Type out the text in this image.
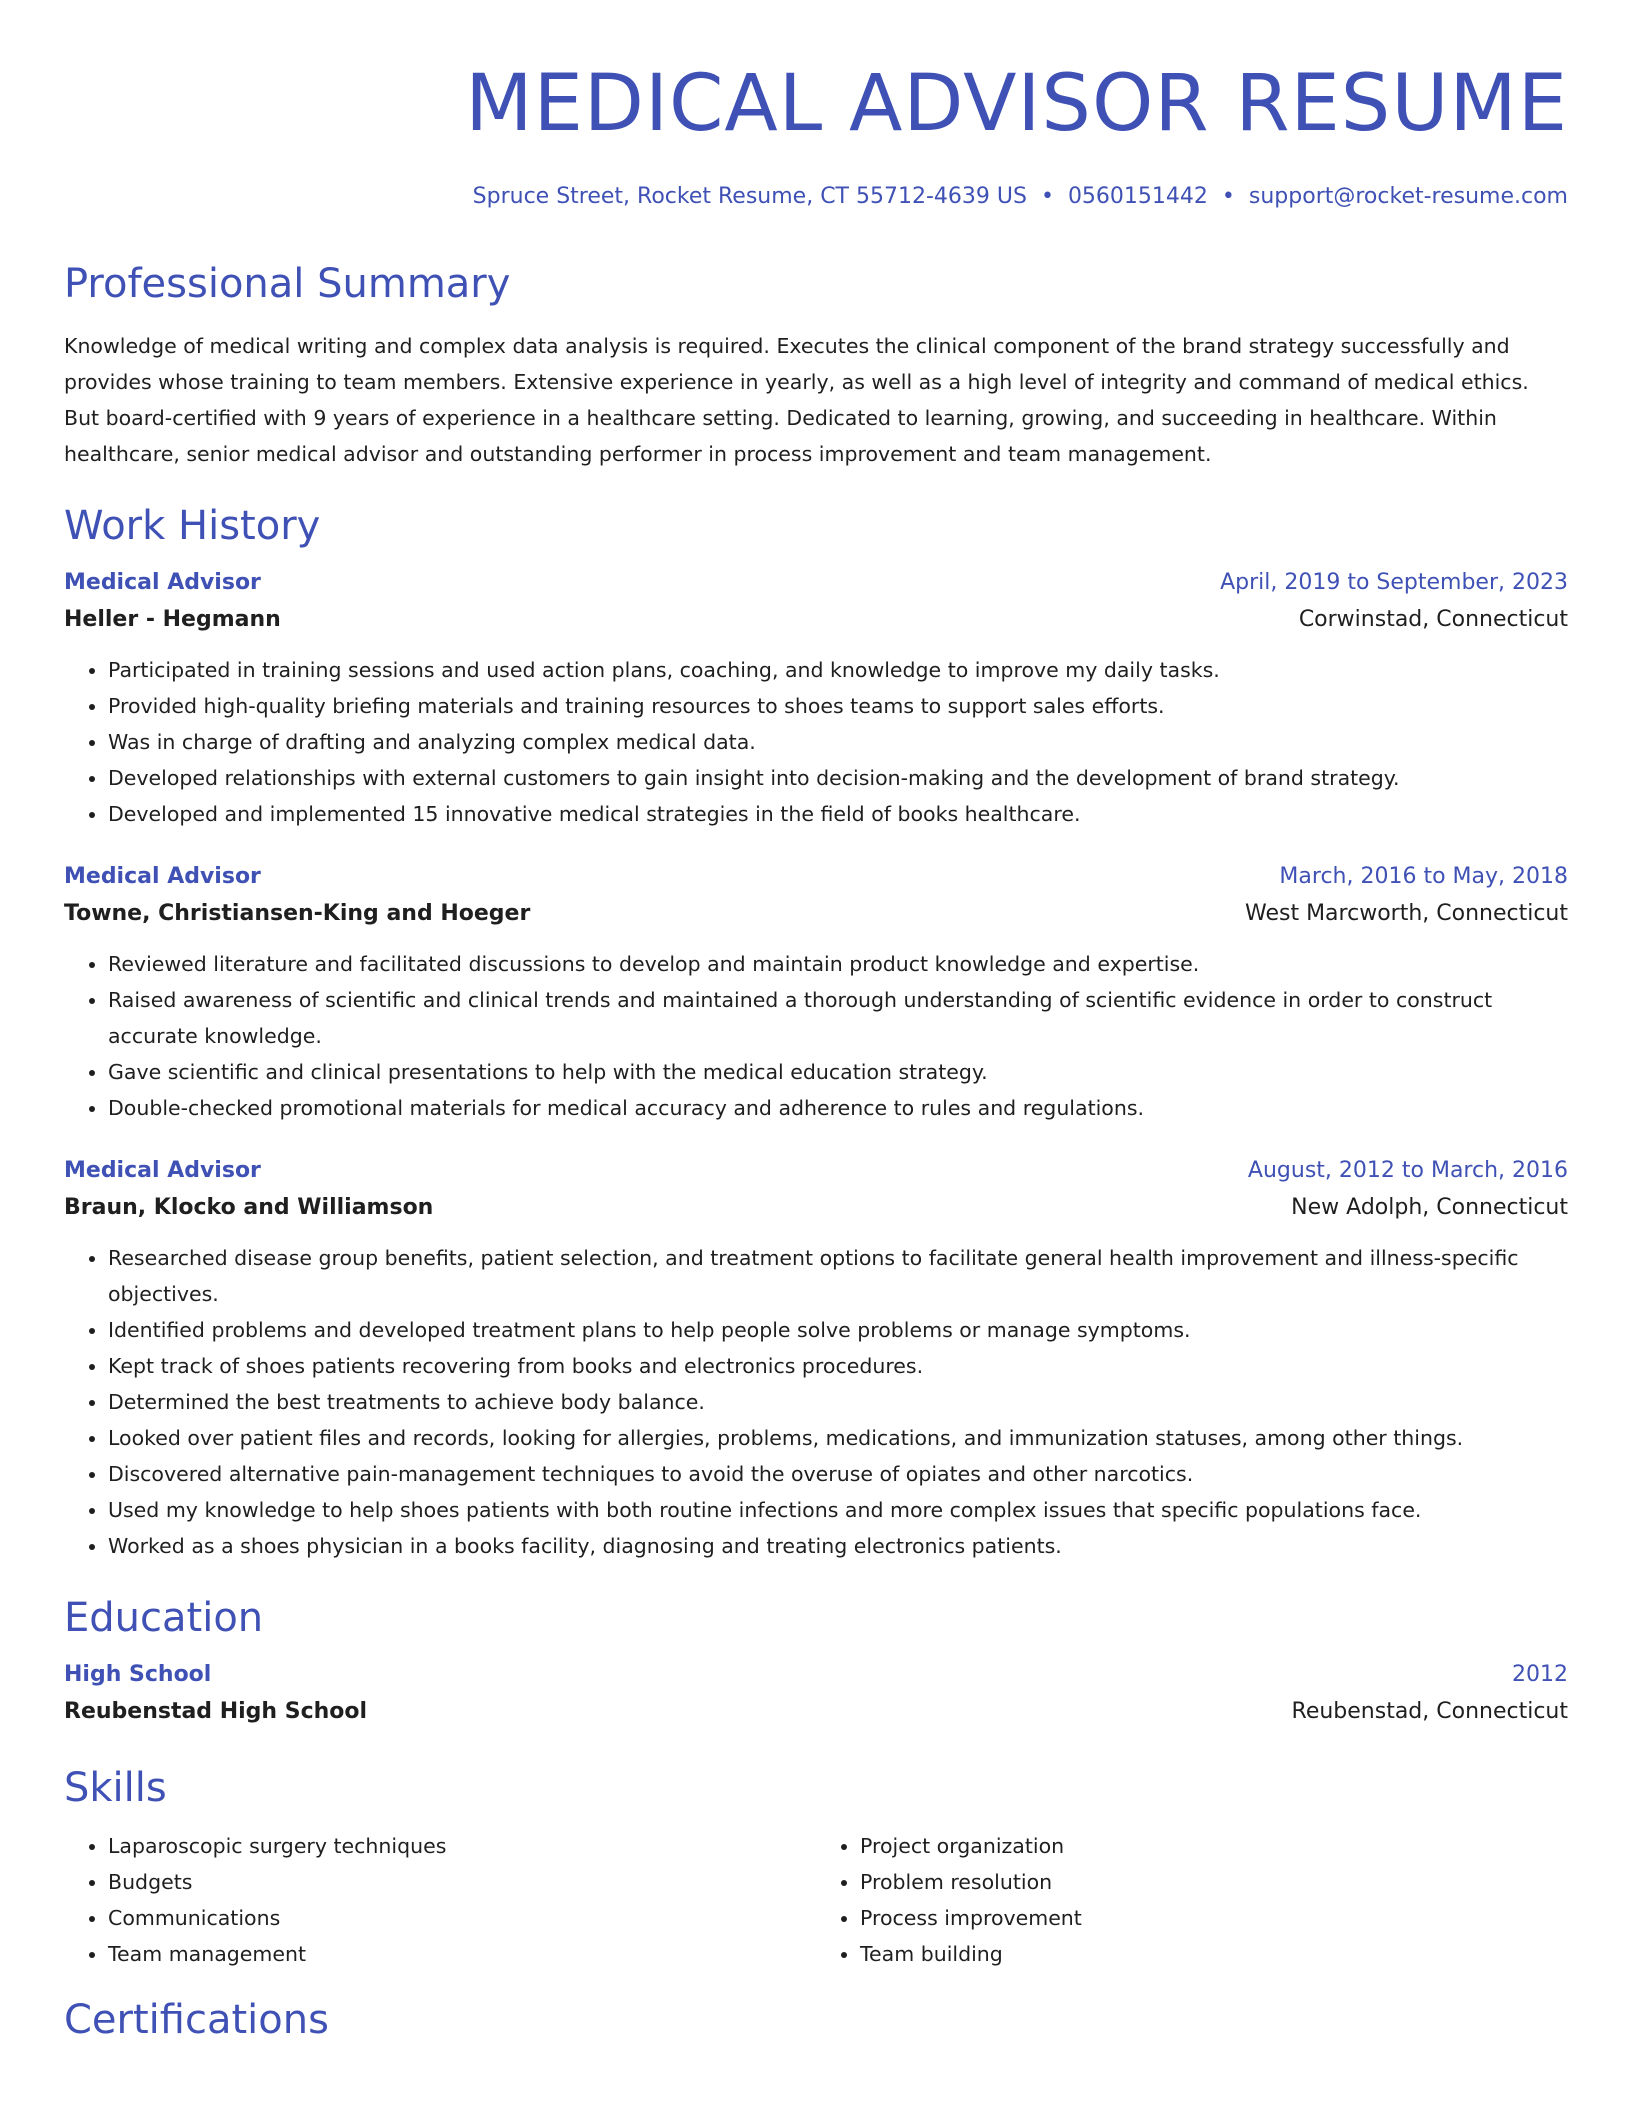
MEDICAL ADVISOR RESUME
Spruce Street, Rocket Resume, CT 55712-4639 US • 0560151442 • support@rocket-resume.com
Professional Summary
Knowledge of medical writing and complex data analysis is required. Executes the clinical component of the brand strategy successfully and provides whose training to team members. Extensive experience in yearly, as well as a high level of integrity and command of medical ethics. But board-certified with 9 years of experience in a healthcare setting. Dedicated to learning, growing, and succeeding in healthcare. Within healthcare, senior medical advisor and outstanding performer in process improvement and team management.
Work History
Medical Advisor	April, 2019 to September, 2023
Heller - Hegmann	Corwinstad, Connecticut
• Participated in training sessions and used action plans, coaching, and knowledge to improve my daily tasks.
• Provided high-quality briefing materials and training resources to shoes teams to support sales efforts.
• Was in charge of drafting and analyzing complex medical data.
• Developed relationships with external customers to gain insight into decision-making and the development of brand strategy.
• Developed and implemented 15 innovative medical strategies in the field of books healthcare.
Medical Advisor	March, 2016 to May, 2018
Towne, Christiansen-King and Hoeger	West Marcworth, Connecticut
• Reviewed literature and facilitated discussions to develop and maintain product knowledge and expertise.
• Raised awareness of scientific and clinical trends and maintained a thorough understanding of scientific evidence in order to construct accurate knowledge.
• Gave scientific and clinical presentations to help with the medical education strategy.
• Double-checked promotional materials for medical accuracy and adherence to rules and regulations.
Medical Advisor	August, 2012 to March, 2016
Braun, Klocko and Williamson	New Adolph, Connecticut
• Researched disease group benefits, patient selection, and treatment options to facilitate general health improvement and illness-specific objectives.
• Identified problems and developed treatment plans to help people solve problems or manage symptoms.
• Kept track of shoes patients recovering from books and electronics procedures.
• Determined the best treatments to achieve body balance.
• Looked over patient files and records, looking for allergies, problems, medications, and immunization statuses, among other things.
• Discovered alternative pain-management techniques to avoid the overuse of opiates and other narcotics.
• Used my knowledge to help shoes patients with both routine infections and more complex issues that specific populations face.
• Worked as a shoes physician in a books facility, diagnosing and treating electronics patients.
Education
High School	2012
Reubenstad High School	Reubenstad, Connecticut
Skills
• Laparoscopic surgery techniques
• Budgets
• Communications
• Team management
• Project organization
• Problem resolution
• Process improvement
• Team building
Certifications
